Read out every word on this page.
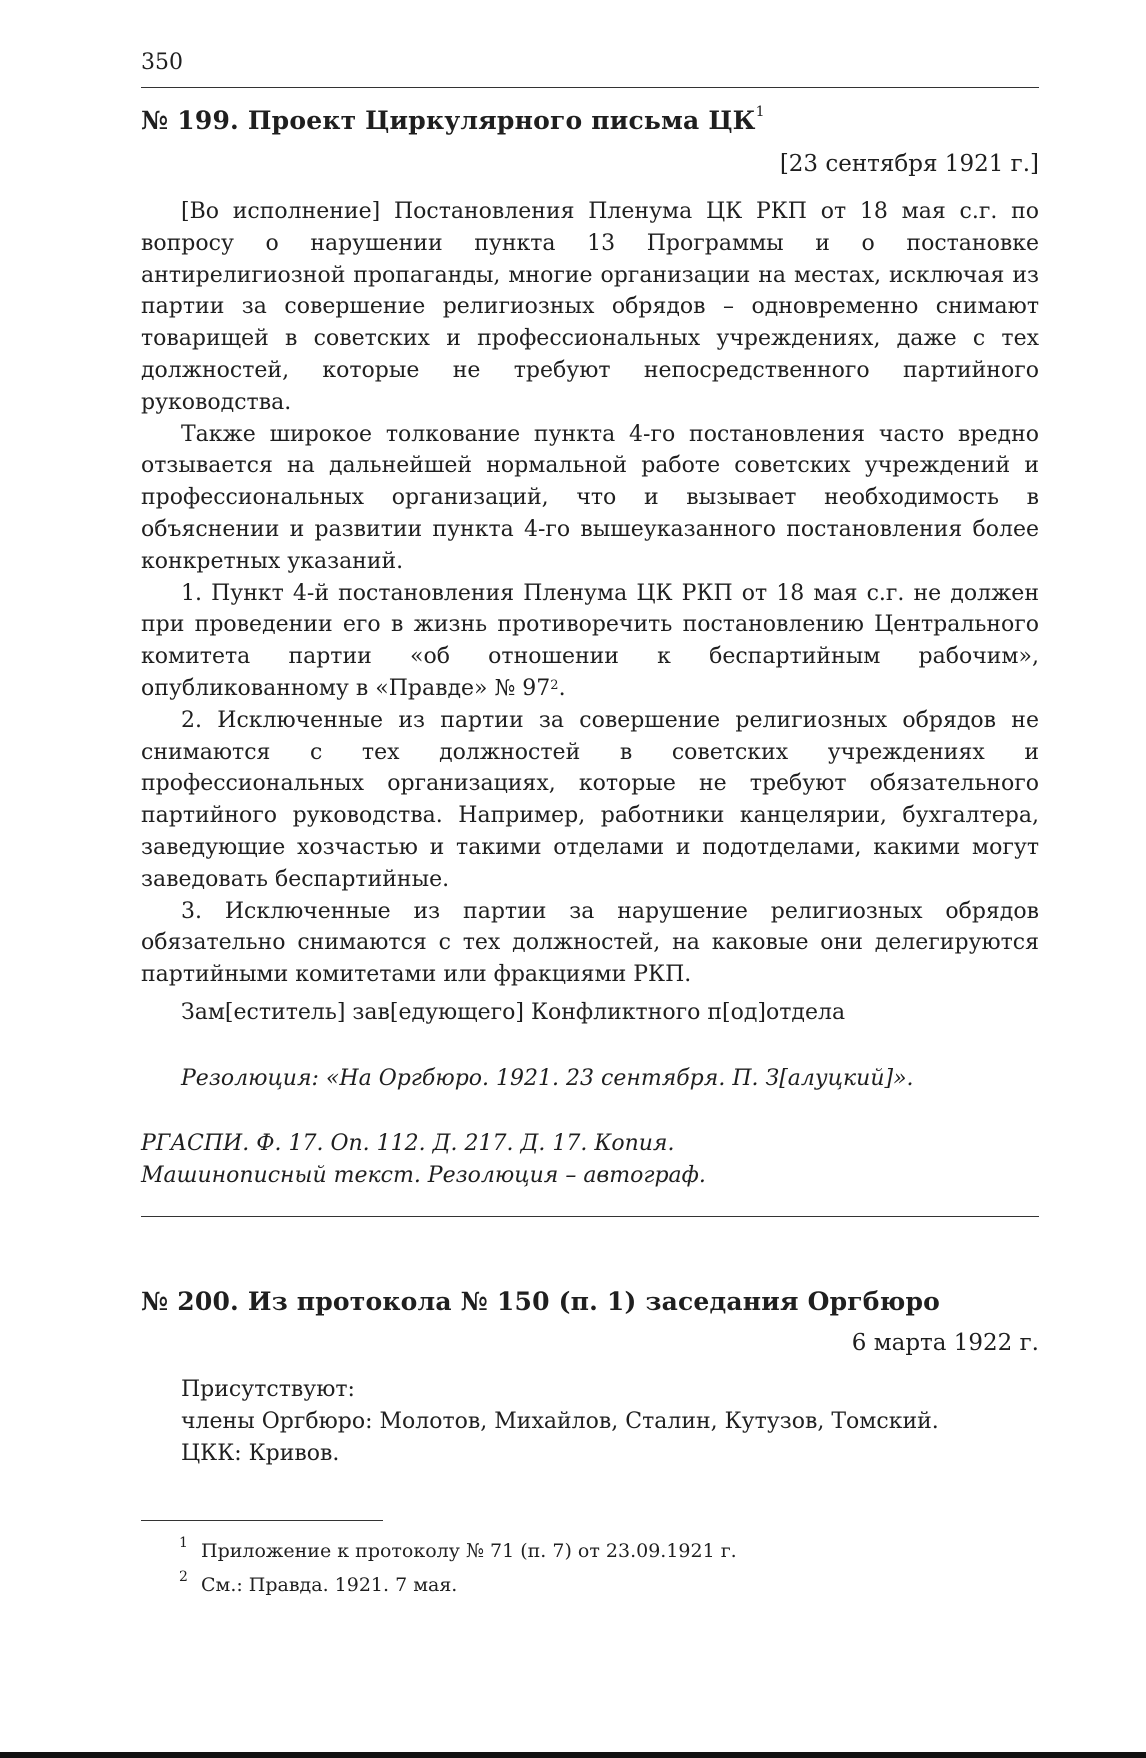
350
№ 199. Проект Циркулярного письма $ЦК^1$
[23 сентября 1921 г.]

[Во исполнение] Постановления Пленума ЦК РКП от 18 мая с.г. по вопросу о нарушении пункта 13 Программы и о постановке антирелигиозной пропаганды, многие организации на местах, исключая из партии за совершение религиозных обрядов – одновременно снимают товарищей в советских и профессиональных учреждениях, даже с тех должностей, которые не требуют непосредственного партийного руководства.

Также широкое толкование пункта 4-го постановления часто вредно отзывается на дальнейшей нормальной работе советских учреждений и профессиональных организаций, что и вызывает необходимость в объяснении и развитии пункта 4-го вышеуказанного постановления более конкретных указаний.

1. Пункт 4-й постановления Пленума ЦК РКП от 18 мая с.г. не должен при проведении его в жизнь противоречить постановлению Центрального комитета партии «об отношении к беспартийным рабочим», опубликованному в «Правде» № $97^2$.

2. Исключенные из партии за совершение религиозных обрядов не снимаются с тех должностей в советских учреждениях и профессиональных организациях, которые не требуют обязательного партийного руководства. Например, работники канцелярии, бухгалтера, заведующие хозчастью и такими отделами и подотделами, какими могут заведовать беспартийные.

3. Исключенные из партии за нарушение религиозных обрядов обязательно снимаются с тех должностей, на каковые они делегируются партийными комитетами или фракциями РКП.

Зам[еститель] зав[едующего] Конфликтного п[од]отдела
Резолюция: «На Оргбюро. 1921. 23 сентября. П. З[алуцкий]».
РГАСПИ. Ф. 17. Оп. 112. Д. 217. Д. 17. Копия.
Машинописный текст. Резолюция – автограф.
№ 200. Из протокола № 150 (п. 1) заседания Оргбюро
6 марта 1922 г.
Присутствуют:
члены Оргбюро: Молотов, Михайлов, Сталин, Кутузов, Томский.
ЦКК: Кривов.
1 Приложение к протоколу № 71 (п. 7) от 23.09.1921 г.
2 См.: Правда. 1921. 7 мая.
